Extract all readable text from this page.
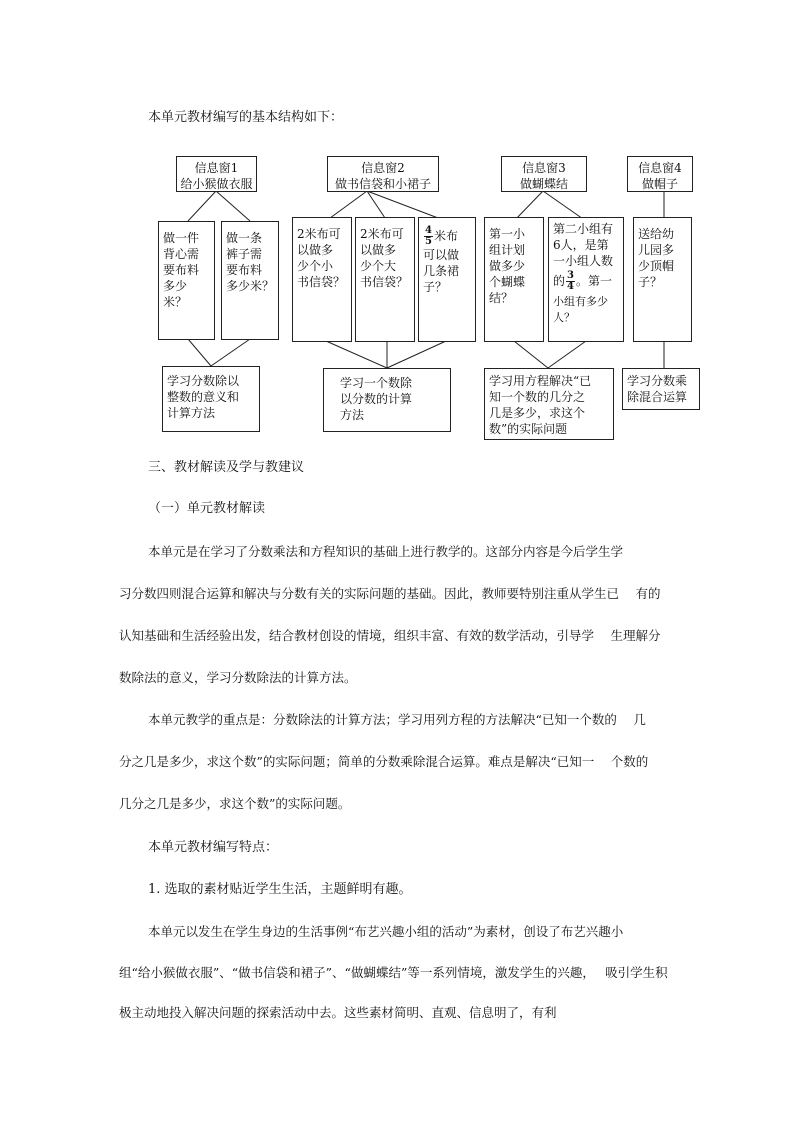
本单元教材编写的基本结构如下：

信息窗1

给小猴做衣服

信息窗2

做书信袋和小裙子

信息窗3

做蝴蝶结

信息窗4

做帽子

做一件

背心需

要布料

多少米？

做一条

裤子需

要布料

多少米？

2米布可

以做多

少个小

书信袋？

2米布可

以做多

少个大

书信袋？

$\frac{4}{5}$ 米布

可以做

几条裙子？

第一小

组计划

做多少

个蝴蝶

结？

第二小组有

6人，是第

一小组人数

的 $\frac{3}{4}$ 。第一

小组有多少人？

送给幼

儿园多

少顶帽

子？

学习分数除以

整数的意义和

计算方法

学习一个数除

以分数的计算

方法

学习用方程解决“已

知一个数的几分之

几是多少，求这个

数”的实际问题

学习分数乘

除混合运算

三、教材解读及学与教建议
（一）单元教材解读
本单元是在学习了分数乘法和方程知识的基础上进行教学的。这部分内容是今后学生学
习分数四则混合运算和解决与分数有关的实际问题的基础。因此，教师要特别注重从学生已　 有的
认知基础和生活经验出发，结合教材创设的情境，组织丰富、有效的数学活动，引导学　 生理解分
数除法的意义，学习分数除法的计算方法。
本单元教学的重点是：分数除法的计算方法；学习用列方程的方法解决“已知一个数的　 几
分之几是多少，求这个数”的实际问题；简单的分数乘除混合运算。难点是解决“已知一　 个数的
几分之几是多少，求这个数”的实际问题。
本单元教材编写特点：
1. 选取的素材贴近学生生活，主题鲜明有趣。
本单元以发生在学生身边的生活事例“布艺兴趣小组的活动”为素材，创设了布艺兴趣小
组“给小猴做衣服”、“做书信袋和裙子”、“做蝴蝶结”等一系列情境，激发学生的兴趣，　 吸引学生积
极主动地投入解决问题的探索活动中去。这些素材简明、直观、信息明了，有利
